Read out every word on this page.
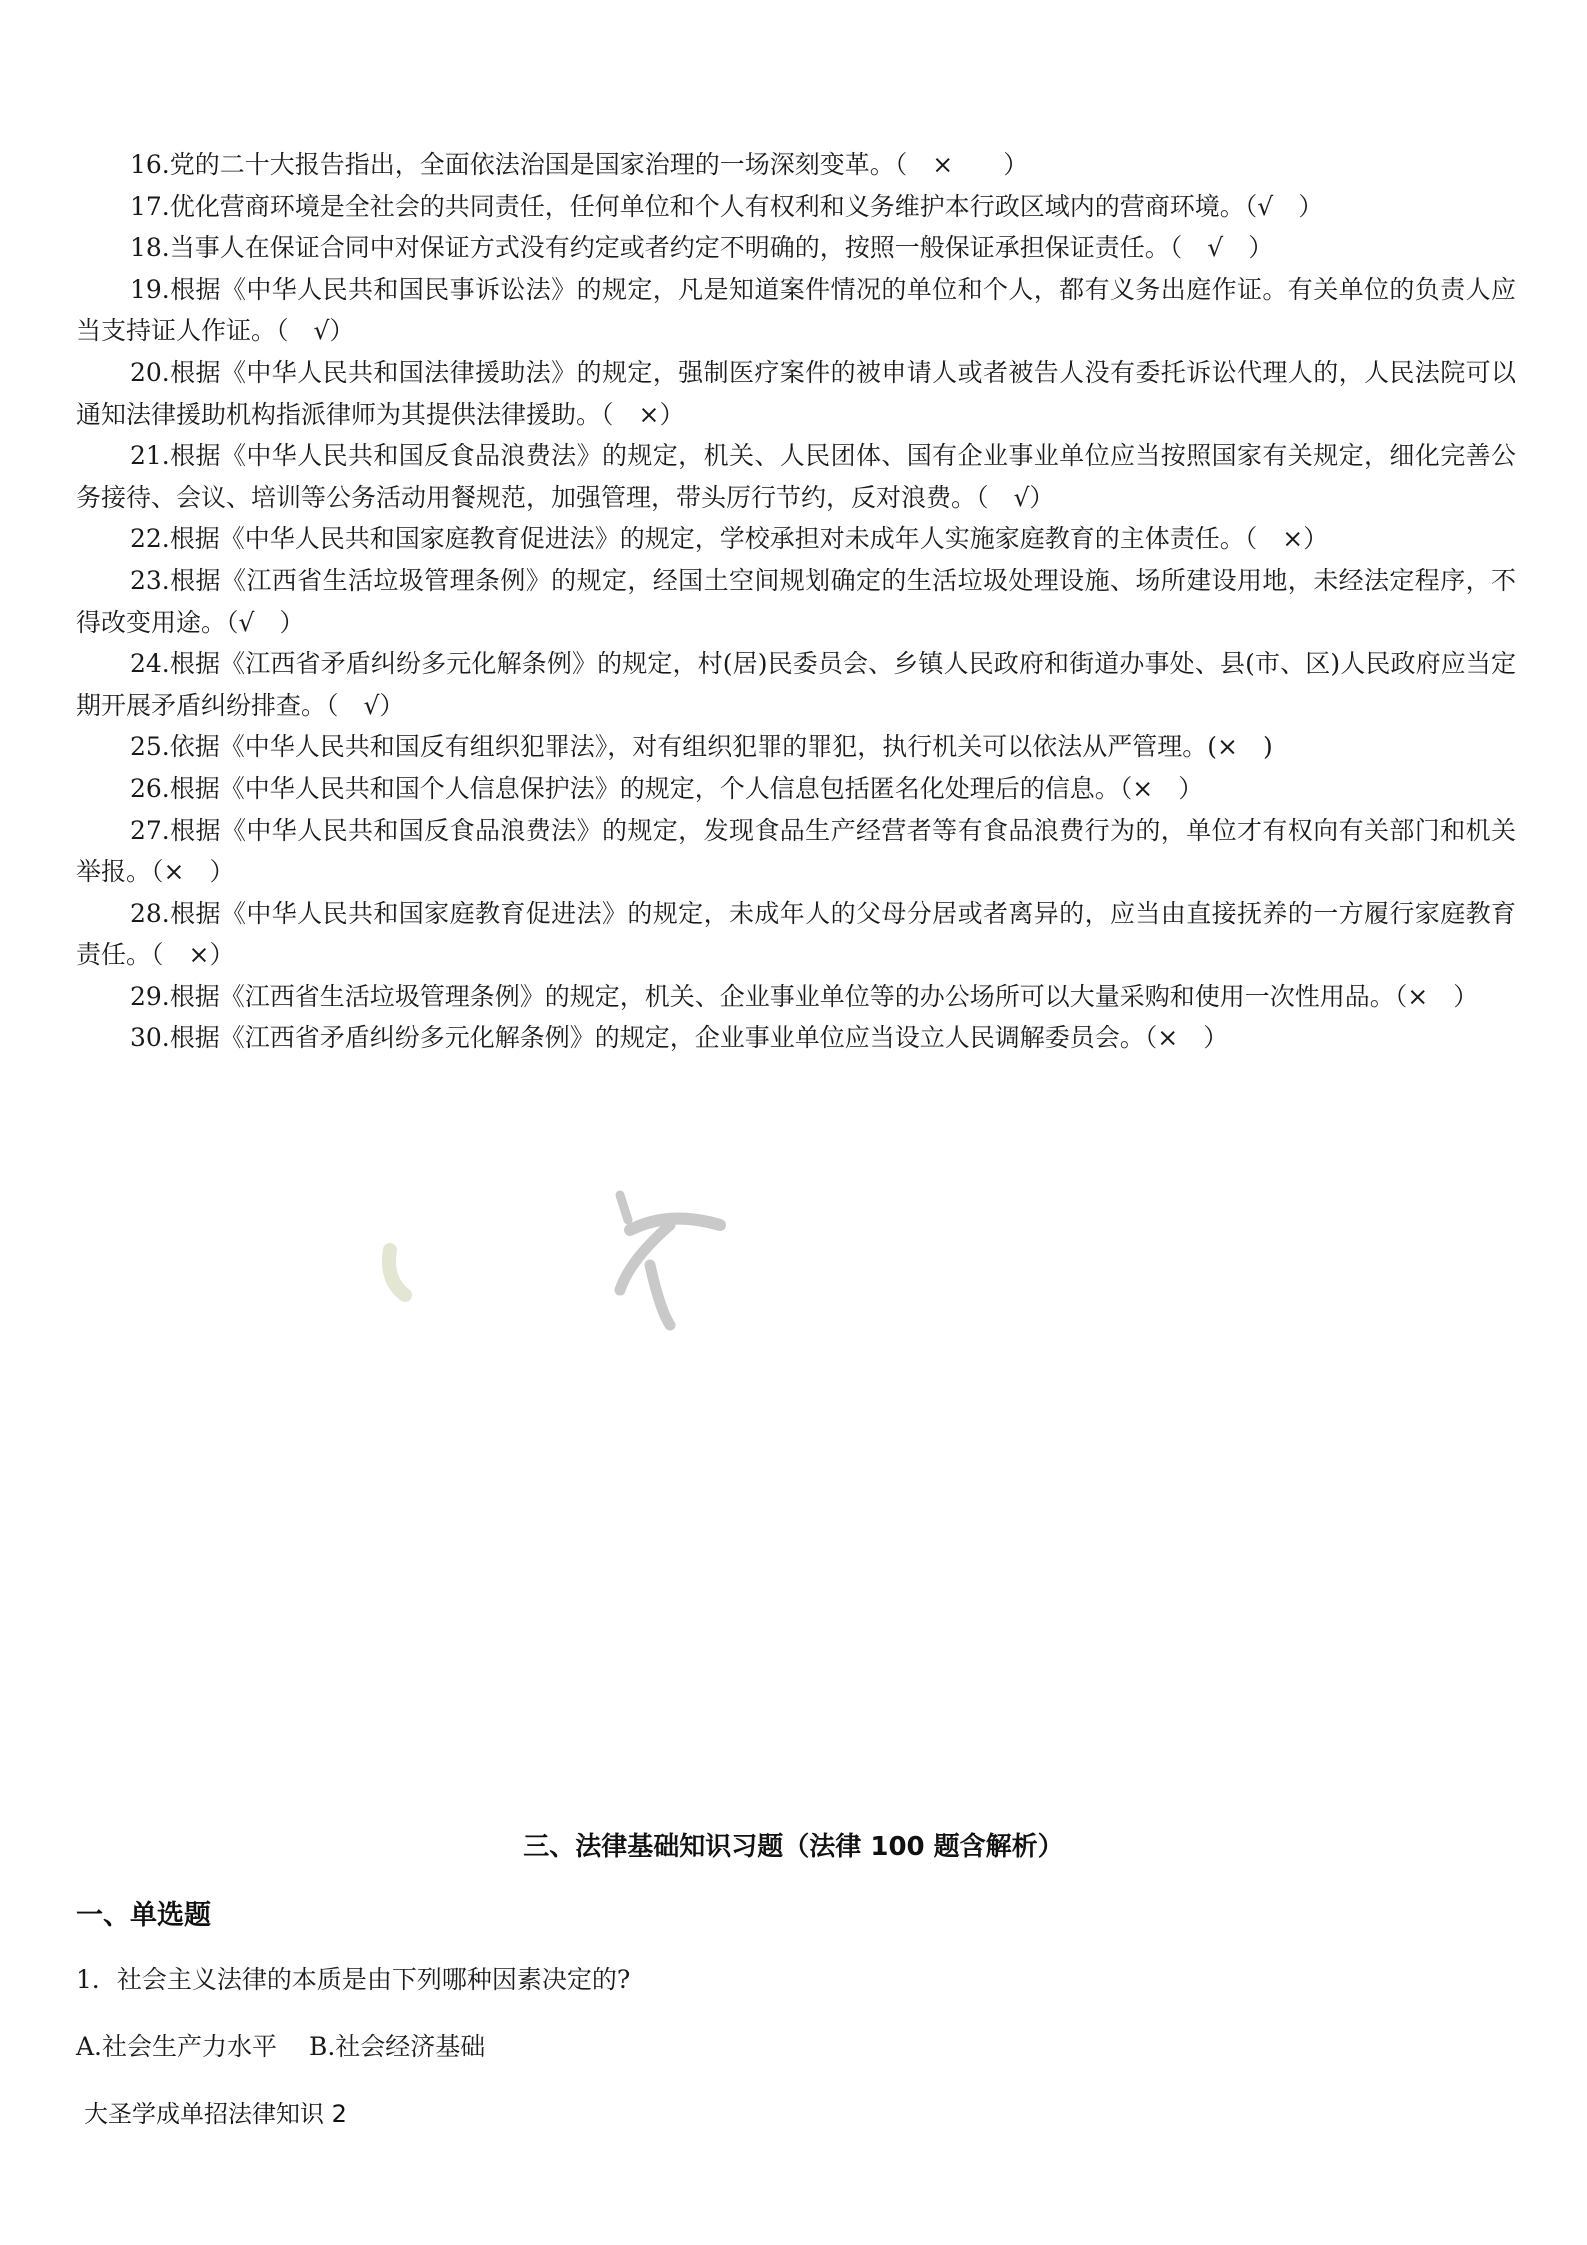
16.党的二十大报告指出，全面依法治国是国家治理的一场深刻变革。（　×　　）

17.优化营商环境是全社会的共同责任，任何单位和个人有权利和义务维护本行政区域内的营商环境。（√　）

18.当事人在保证合同中对保证方式没有约定或者约定不明确的，按照一般保证承担保证责任。（　√　）

19.根据《中华人民共和国民事诉讼法》的规定，凡是知道案件情况的单位和个人，都有义务出庭作证。有关单位的负责人应当支持证人作证。（　√）

20.根据《中华人民共和国法律援助法》的规定，强制医疗案件的被申请人或者被告人没有委托诉讼代理人的，人民法院可以通知法律援助机构指派律师为其提供法律援助。（　×）

21.根据《中华人民共和国反食品浪费法》的规定，机关、人民团体、国有企业事业单位应当按照国家有关规定，细化完善公务接待、会议、培训等公务活动用餐规范，加强管理，带头厉行节约，反对浪费。（　√）

22.根据《中华人民共和国家庭教育促进法》的规定，学校承担对未成年人实施家庭教育的主体责任。（　×）

23.根据《江西省生活垃圾管理条例》的规定，经国土空间规划确定的生活垃圾处理设施、场所建设用地，未经法定程序，不得改变用途。（√　）

24.根据《江西省矛盾纠纷多元化解条例》的规定，村(居)民委员会、乡镇人民政府和街道办事处、县(市、区)人民政府应当定期开展矛盾纠纷排查。（　√）

25.依据《中华人民共和国反有组织犯罪法》，对有组织犯罪的罪犯，执行机关可以依法从严管理。(×　)

26.根据《中华人民共和国个人信息保护法》的规定，个人信息包括匿名化处理后的信息。（×　）

27.根据《中华人民共和国反食品浪费法》的规定，发现食品生产经营者等有食品浪费行为的，单位才有权向有关部门和机关举报。（×　）

28.根据《中华人民共和国家庭教育促进法》的规定，未成年人的父母分居或者离异的，应当由直接抚养的一方履行家庭教育责任。（　×）

29.根据《江西省生活垃圾管理条例》的规定，机关、企业事业单位等的办公场所可以大量采购和使用一次性用品。（×　）

30.根据《江西省矛盾纠纷多元化解条例》的规定，企业事业单位应当设立人民调解委员会。（×　）

三、法律基础知识习题（法律 100 题含解析）
一、单选题
1．社会主义法律的本质是由下列哪种因素决定的?
A.社会生产力水平 B.社会经济基础
大圣学成单招法律知识 2
